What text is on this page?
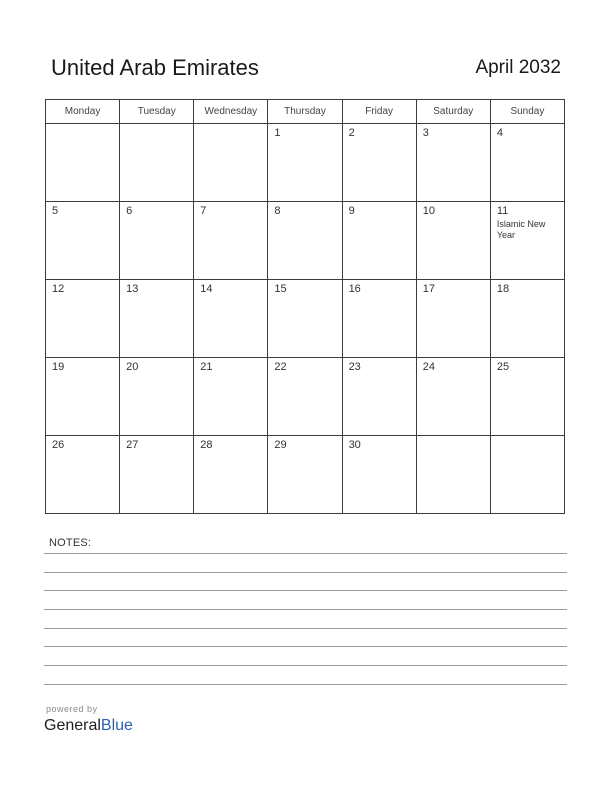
United Arab Emirates	April 2032
Monday	Tuesday	Wednesday	Thursday	Friday	Saturday	Sunday

			1	2	3	4

5	6	7	8	9	10	11
Islamic New Year

12	13	14	15	16	17	18

19	20	21	22	23	24	25

26	27	28	29	30		

NOTES:
powered by
GeneralBlue
